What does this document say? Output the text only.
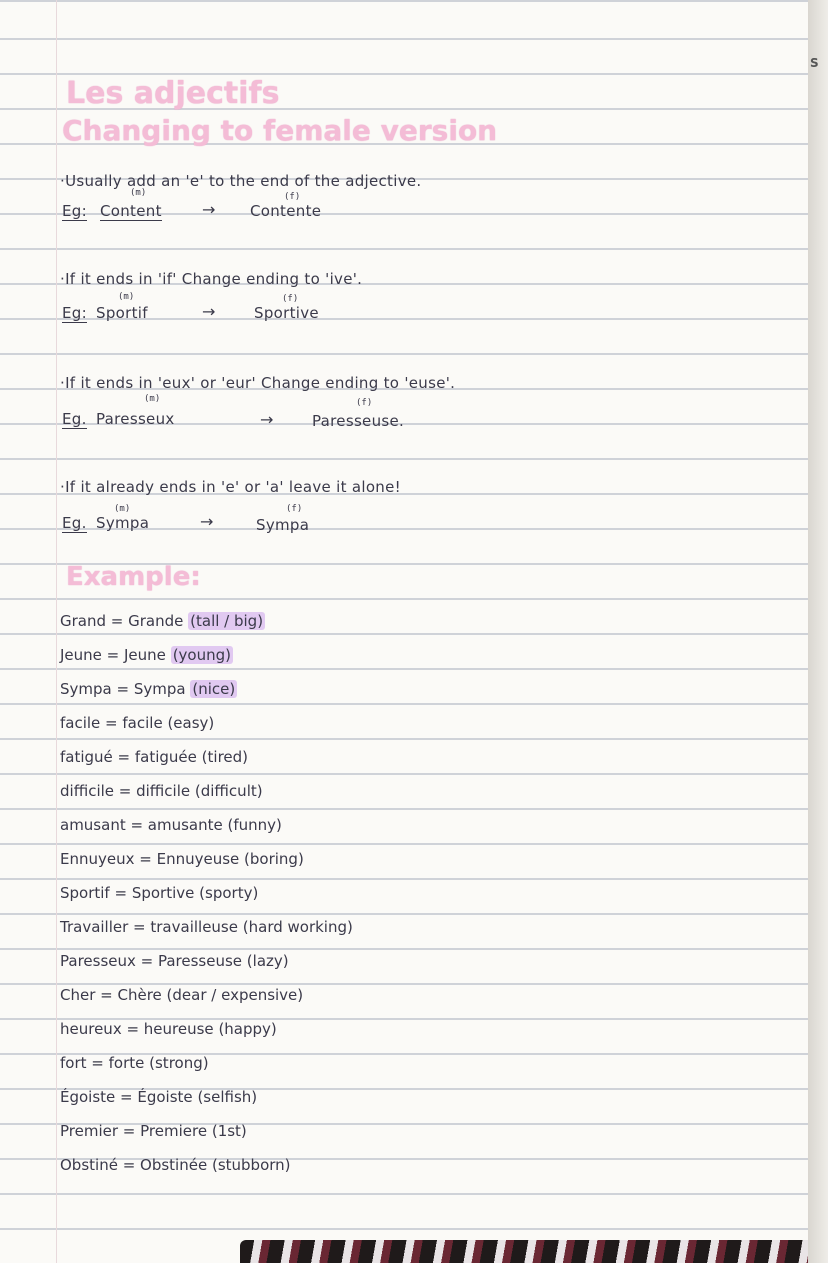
Les adjectifs
Changing to female version
·Usually add an 'e' to the end of the adjective.
(m)	(f)
Eg: Content	→ Contente
·If it ends in 'if' Change ending to 'ive'.
(m)	(f)
Eg: Sportif	→	Sportive
·If it ends in 'eux' or 'eur' Change ending to 'euse'.
(m)	(f)
Eg. Paresseux	→	Paresseuse.
·If it already ends in 'e' or 'a' leave it alone!
(m)	(f)
Eg. Sympa	→	Sympa
Example:
Grand = Grande (tall / big)
Jeune = Jeune (young)
Sympa = Sympa (nice)
facile = facile (easy)
fatigué = fatiguée (tired)
difficile = difficile (difficult)
amusant = amusante (funny)
Ennuyeux = Ennuyeuse (boring)
Sportif = Sportive (sporty)
Travailler = travailleuse (hard working)
Paresseux = Paresseuse (lazy)
Cher = Chère (dear / expensive)
heureux = heureuse (happy)
fort = forte (strong)
Égoiste = Égoiste (selfish)
Premier = Premiere (1st)
Obstiné = Obstinée (stubborn)
S
